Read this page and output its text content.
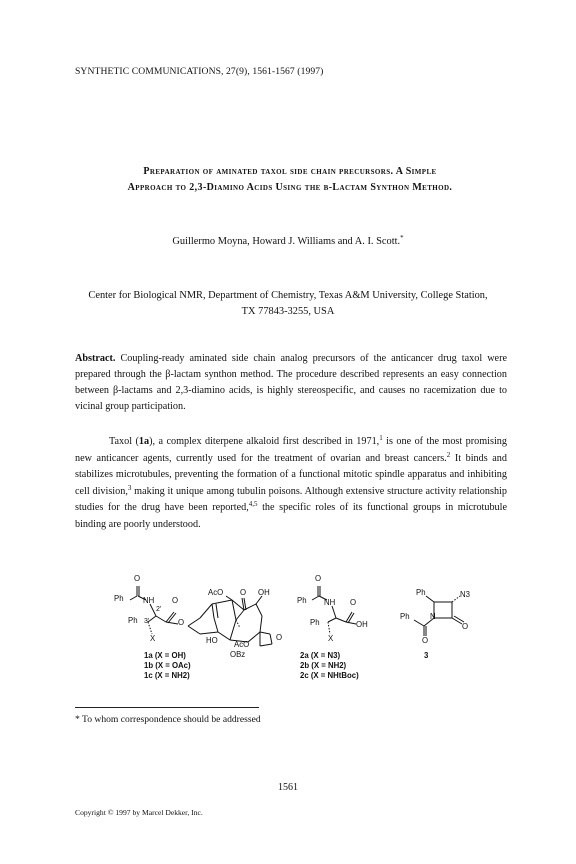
SYNTHETIC COMMUNICATIONS, 27(9), 1561-1567 (1997)
Preparation of aminated taxol side chain precursors. A Simple
Approach to 2,3-Diamino Acids Using the β-Lactam Synthon Method.
Guillermo Moyna, Howard J. Williams and A. I. Scott.*
Center for Biological NMR, Department of Chemistry, Texas A&M University, College Station,
TX 77843-3255, USA
Abstract. Coupling-ready aminated side chain analog precursors of the anticancer drug taxol were prepared through the β-lactam synthon method. The procedure described represents an easy connection between β-lactams and 2,3-diamino acids, is highly stereospecific, and causes no racemization due to vicinal group participation.
Taxol (1a), a complex diterpene alkaloid first described in 1971,$^1$ is one of the most promising new anticancer agents, currently used for the treatment of ovarian and breast cancers.$^2$ It binds and stabilizes microtubules, preventing the formation of a functional mitotic spindle apparatus and inhibiting cell division,$^3$ making it unique among tubulin poisons. Although extensive structure activity relationship studies for the drug have been reported,$^{4,5}$ the specific roles of its functional groups in microtubule binding are poorly understood.
O
Ph NH O
AcO O OH
2'
Ph 3'	O
X	HO AcO
OBz
O
O
Ph NH O
Ph	OH
X
Ph	N3
Ph	N
O
O
1a (X = OH)
1b (X = OAc)
1c (X = NH2)
2a (X = N3)
2b (X = NH2)
2c (X = NHtBoc)
3
* To whom correspondence should be addressed
1561
Copyright © 1997 by Marcel Dekker, Inc.
